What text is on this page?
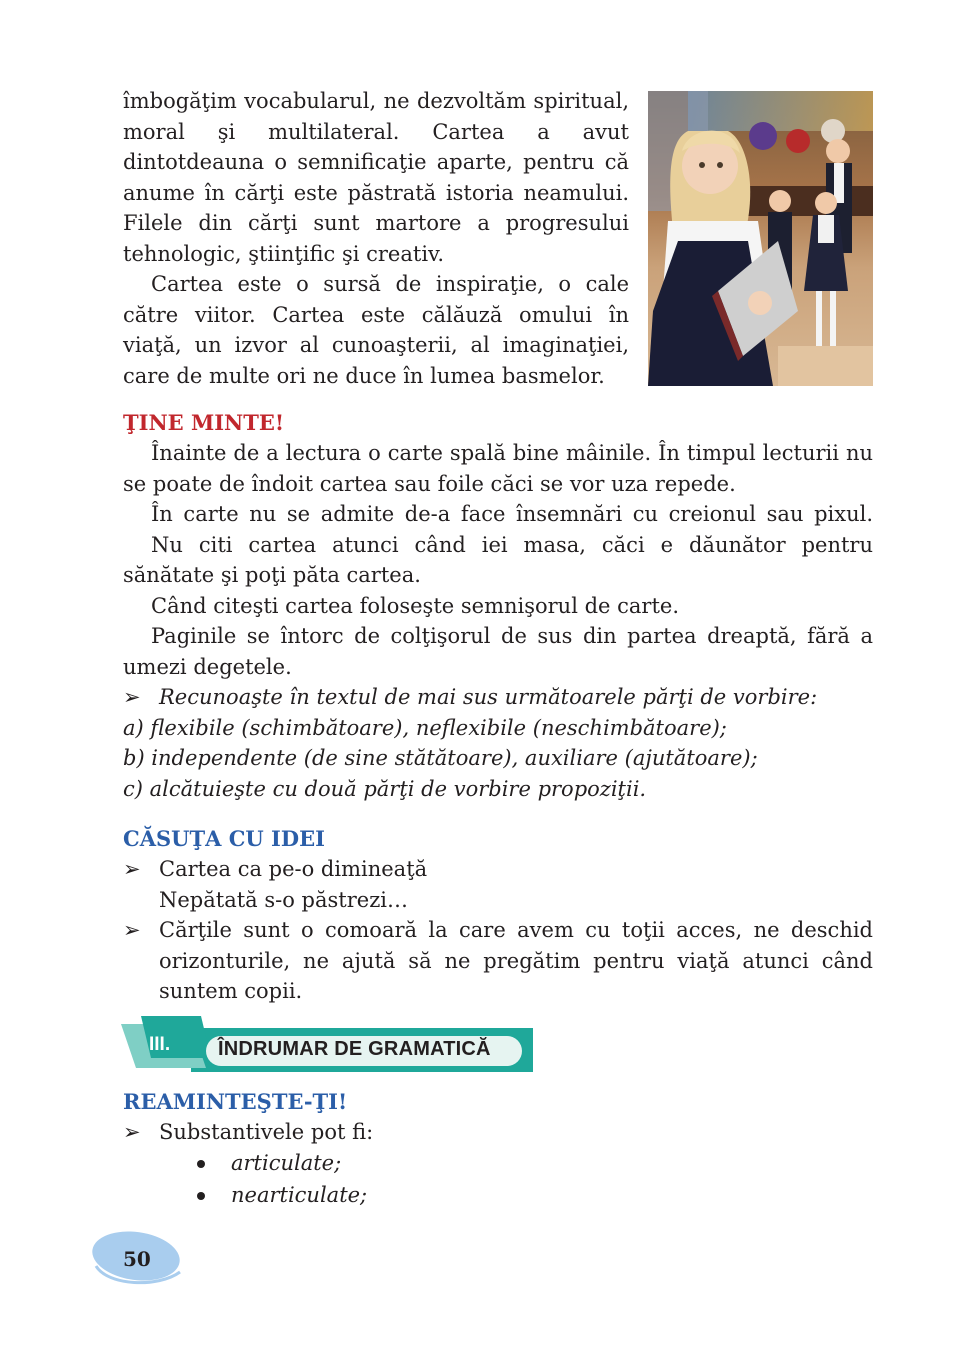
îmbogăţim vocabularul, ne dezvoltăm spiritual, moral şi multilateral. Cartea a avut dintotdeauna o semnificaţie aparte, pentru că anume în cărţi este păstrată istoria neamului. Filele din cărţi sunt martore a progresului tehnologic, ştiinţific şi creativ.

Cartea este o sursă de inspiraţie, o cale către viitor. Cartea este călăuză omului în viaţă, un izvor al cunoaşterii, al imaginaţiei, care de multe ori ne duce în lumea basmelor.

ŢINE MINTE!

Înainte de a lectura o carte spală bine mâinile. În timpul lecturii nu se poate de îndoit cartea sau foile căci se vor uza repede.

În carte nu se admite de-a face însemnări cu creionul sau pixul.

Nu citi cartea atunci când iei masa, căci e dăunător pentru sănătate şi poţi păta cartea.

Când citeşti cartea foloseşte semnişorul de carte.

Paginile se întorc de colţişorul de sus din partea dreaptă, fără a umezi degetele.

➢ Recunoaşte în textul de mai sus următoarele părţi de vorbire:

a) flexibile (schimbătoare), neflexibile (neschimbătoare);

b) independente (de sine stătătoare), auxiliare (ajutătoare);

c) alcătuieşte cu două părţi de vorbire propoziţii.

CĂSUŢA CU IDEI
➢ Cartea ca pe-o dimineaţă
Nepătată s-o păstrezi…
➢ Cărţile sunt o comoară la care avem cu toţii acces, ne deschid orizonturile, ne ajută să ne pregătim pentru viaţă atunci când suntem copii.
III. ÎNDRUMAR DE GRAMATICĂ
REAMINTEŞTE-ŢI!

➢ Substantivele pot fi:

articulate;
nearticulate;
50
